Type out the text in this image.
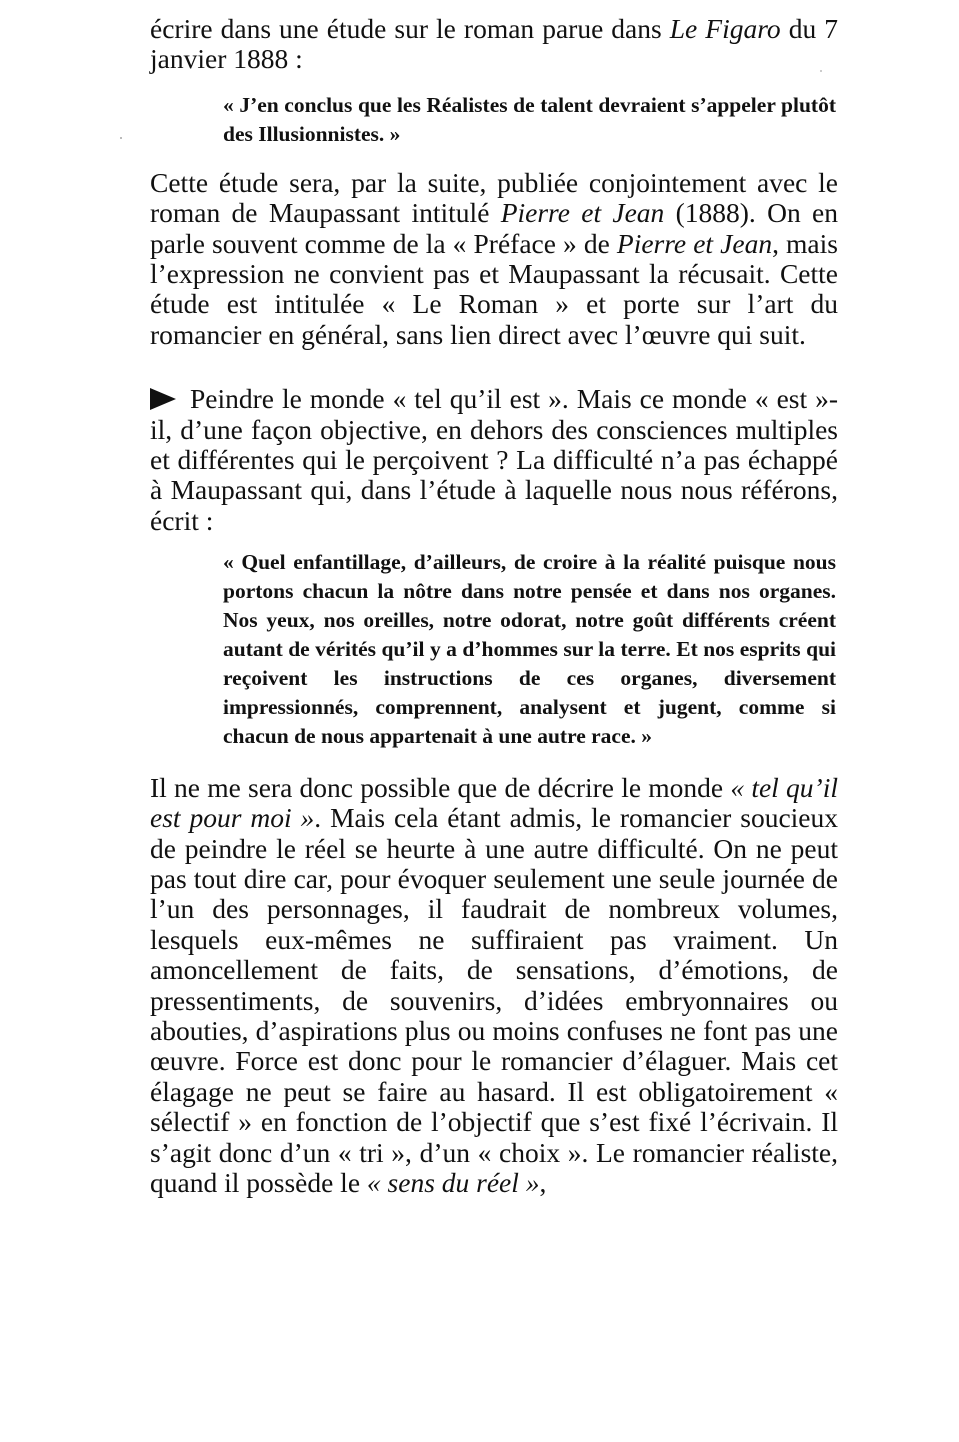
écrire dans une étude sur le roman parue dans Le Figaro du 7 janvier 1888 :

« J’en conclus que les Réalistes de talent devraient s’appeler plutôt des Illusionnistes. »

Cette étude sera, par la suite, publiée conjointement avec le roman de Maupassant intitulé Pierre et Jean (1888). On en parle souvent comme de la « Préface » de Pierre et Jean, mais l’expression ne convient pas et Maupassant la récusait. Cette étude est intitulée « Le Roman » et porte sur l’art du romancier en général, sans lien direct avec l’œuvre qui suit.

Peindre le monde « tel qu’il est ». Mais ce monde « est »-il, d’une façon objective, en dehors des consciences multiples et différentes qui le perçoivent ? La difficulté n’a pas échappé à Maupassant qui, dans l’étude à laquelle nous nous référons, écrit :

« Quel enfantillage, d’ailleurs, de croire à la réalité puisque nous portons chacun la nôtre dans notre pensée et dans nos organes. Nos yeux, nos oreilles, notre odorat, notre goût différents créent autant de vérités qu’il y a d’hommes sur la terre. Et nos esprits qui reçoivent les instructions de ces organes, diversement impressionnés, comprennent, analysent et jugent, comme si chacun de nous appartenait à une autre race. »

Il ne me sera donc possible que de décrire le monde « tel qu’il est pour moi ». Mais cela étant admis, le romancier soucieux de peindre le réel se heurte à une autre difficulté. On ne peut pas tout dire car, pour évoquer seulement une seule journée de l’un des personnages, il faudrait de nombreux volumes, lesquels eux-mêmes ne suffiraient pas vraiment. Un amoncellement de faits, de sensations, d’émotions, de pressentiments, de souvenirs, d’idées embryonnaires ou abouties, d’aspirations plus ou moins confuses ne font pas une œuvre. Force est donc pour le romancier d’élaguer. Mais cet élagage ne peut se faire au hasard. Il est obligatoirement « sélectif » en fonction de l’objectif que s’est fixé l’écrivain. Il s’agit donc d’un « tri », d’un « choix ». Le romancier réaliste, quand il possède le « sens du réel »,
